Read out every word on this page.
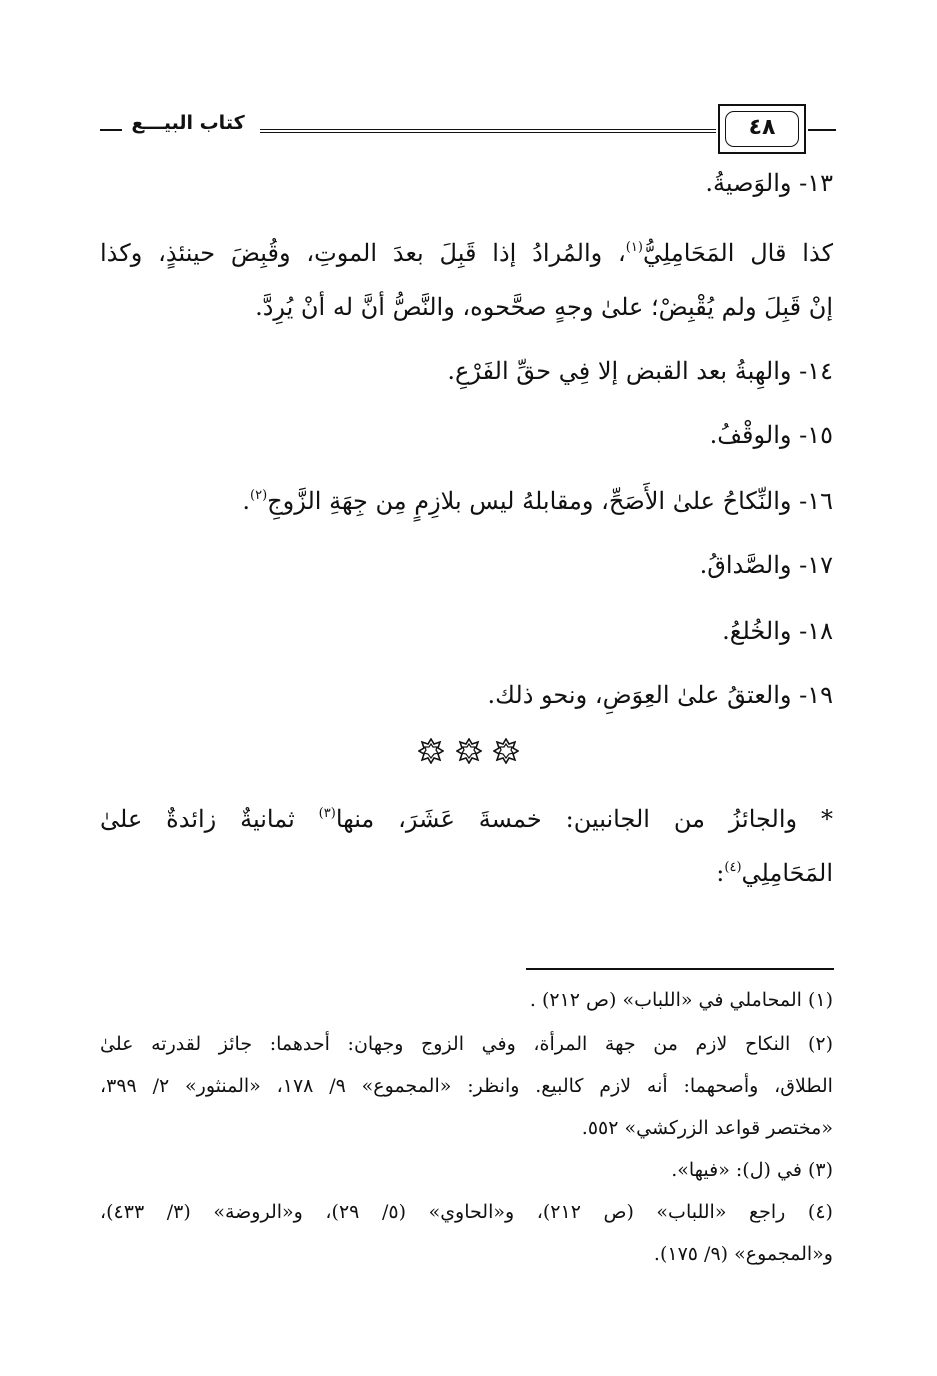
كتاب البيـــع	٤٨
١٣- والوَصيةُ.
كذا قال المَحَامِلِيُّ$^{(١)}$، والمُرادُ إذا قَبِلَ بعدَ الموتِ، وقُبِضَ حينئذٍ، وكذا
إنْ قَبِلَ ولم يُقْبِضْ؛ علىٰ وجهٍ صحَّحوه، والنَّصُّ أنَّ له أنْ يُرِدَّ.
١٤- والهِبةُ بعد القبض إلا فِي حقِّ الفَرْعِ.
١٥- والوقْفُ.
١٦- والنِّكاحُ علىٰ الأَصَحِّ، ومقابلهُ ليس بلازِمٍ مِن جِهَةِ الزَّوجِ$^{(٢)}$.
١٧- والصَّداقُ.
١٨- والخُلعُ.
١٩- والعتقُ علىٰ العِوَضِ، ونحو ذلك.

* والجائزُ من الجانبين: خمسةَ عَشَرَ، منها$^{(٣)}$ ثمانيةٌ زائدةٌ علىٰ
المَحَامِلِي$^{(٤)}$:
(١) المحاملي في «اللباب» (ص ٢١٢) .
(٢) النكاح لازم من جهة المرأة، وفي الزوج وجهان: أحدهما: جائز لقدرته علىٰ
الطلاق، وأصحهما: أنه لازم كالبيع. وانظر: «المجموع» ٩/ ١٧٨، «المنثور» ٢/ ٣٩٩،
«مختصر قواعد الزركشي» ٥٥٢.
(٣) في (ل): «فيها».
(٤) راجع «اللباب» (ص ٢١٢)، و«الحاوي» (٥/ ٢٩)، و«الروضة» (٣/ ٤٣٣)،
و«المجموع» (٩/ ١٧٥).
